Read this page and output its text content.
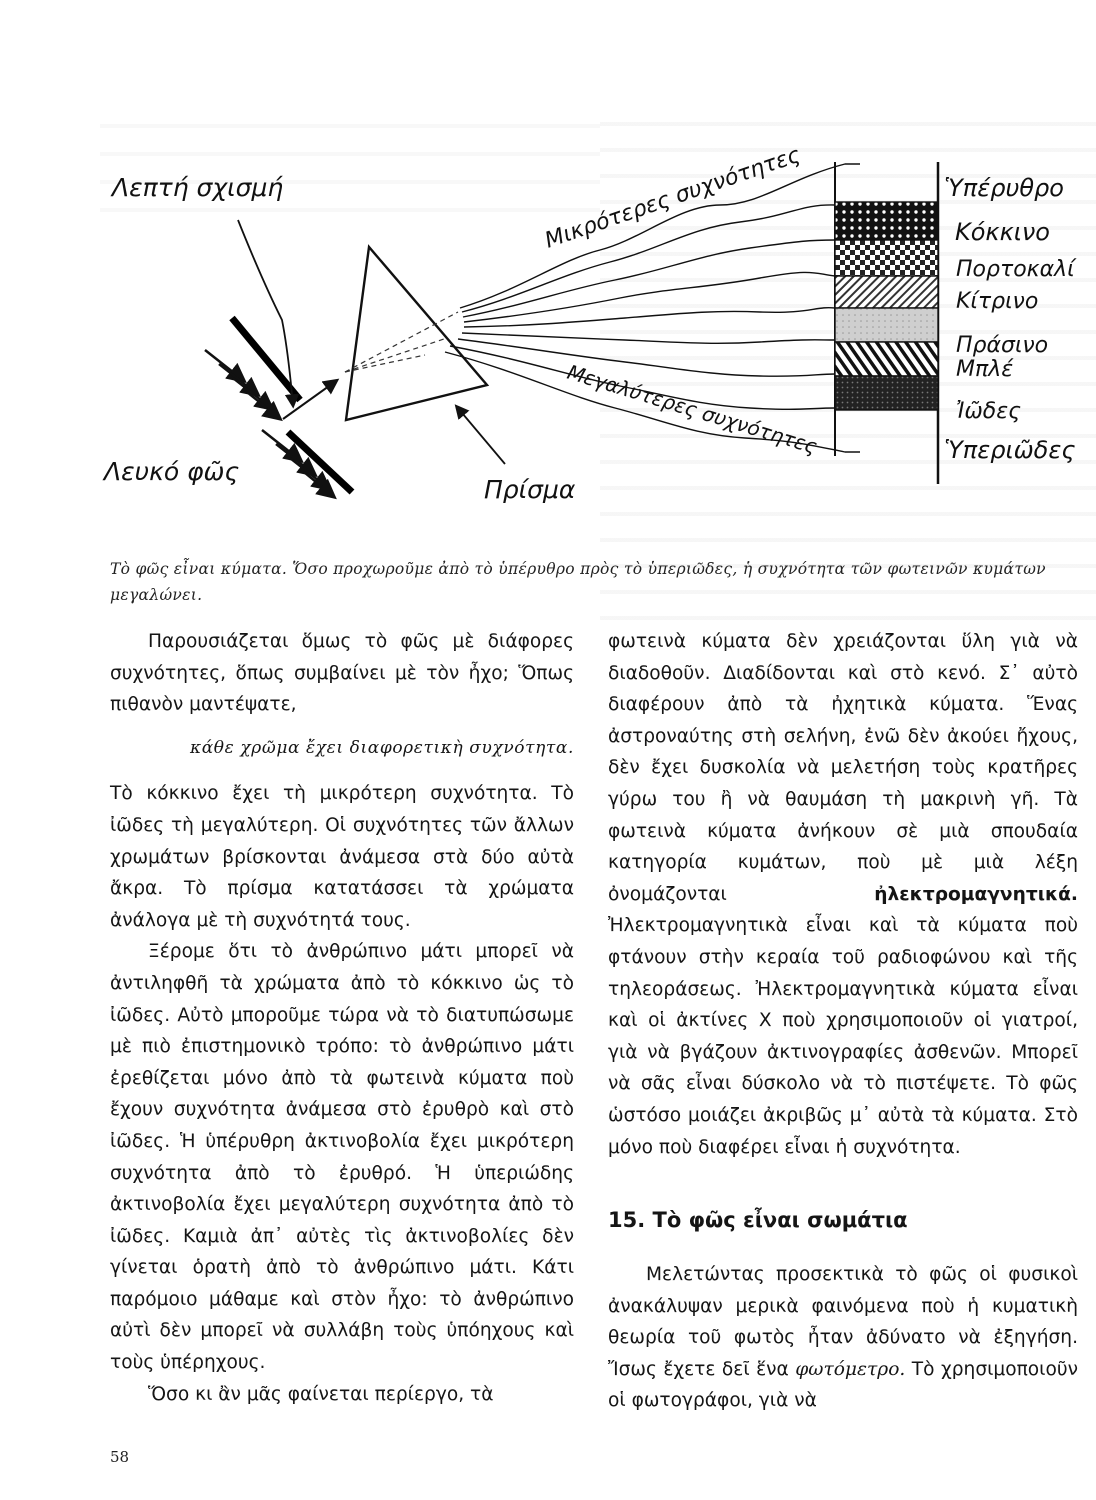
Μικρότερες συχνότητες
Μεγαλύτερες συχνότητες
Λεπτή σχισμή
Λευκό φῶς
Πρίσμα
Ὑπέρυθρο
Κόκκινο
Πορτοκαλί
Κίτρινο
Πράσινο
Μπλέ
Ἰῶδες
Ὑπεριῶδες
Τὸ φῶς εἶναι κύματα. Ὅσο προχωροῦμε ἀπὸ τὸ ὑπέρυθρο πρὸς τὸ ὑπεριῶδες, ἡ συχνότητα τῶν φωτεινῶν κυμάτων μεγαλώνει.

Παρουσιάζεται ὅμως τὸ φῶς μὲ διάφορες συχνότητες, ὅπως συμβαίνει μὲ τὸν ἦχο; Ὅπως πιθανὸν μαντέψατε,

κάθε χρῶμα ἔχει διαφορετικὴ συχνότητα.

Τὸ κόκκινο ἔχει τὴ μικρότερη συχνότητα. Τὸ ἰῶδες τὴ μεγαλύτερη. Οἱ συχνότητες τῶν ἄλλων χρωμάτων βρίσκονται ἀνάμεσα στὰ δύο αὐτὰ ἄκρα. Τὸ πρίσμα κατατάσσει τὰ χρώματα ἀνάλογα μὲ τὴ συχνότητά τους.

Ξέρομε ὅτι τὸ ἀνθρώπινο μάτι μπορεῖ νὰ ἀντιληφθῆ τὰ χρώματα ἀπὸ τὸ κόκκινο ὡς τὸ ἰῶδες. Αὐτὸ μποροῦμε τώρα νὰ τὸ διατυπώσωμε μὲ πιὸ ἐπιστημονικὸ τρόπο: τὸ ἀνθρώπινο μάτι ἐρεθίζεται μόνο ἀπὸ τὰ φωτεινὰ κύματα ποὺ ἔχουν συχνότητα ἀνάμεσα στὸ ἐρυθρὸ καὶ στὸ ἰῶδες. Ἡ ὑπέρυθρη ἀκτινοβολία ἔχει μικρότερη συχνότητα ἀπὸ τὸ ἐρυθρό. Ἡ ὑπεριώδης ἀκτινοβολία ἔχει μεγαλύτερη συχνότητα ἀπὸ τὸ ἰῶδες. Καμιὰ ἀπ᾽ αὐτὲς τὶς ἀκτινοβολίες δὲν γίνεται ὁρατὴ ἀπὸ τὸ ἀνθρώπινο μάτι. Κάτι παρόμοιο μάθαμε καὶ στὸν ἦχο: τὸ ἀνθρώπινο αὐτὶ δὲν μπορεῖ νὰ συλλάβη τοὺς ὑπόηχους καὶ τοὺς ὑπέρηχους.

Ὅσο κι ἂν μᾶς φαίνεται περίεργο, τὰ

φωτεινὰ κύματα δὲν χρειάζονται ὕλη γιὰ νὰ διαδοθοῦν. Διαδίδονται καὶ στὸ κενό. Σ᾽ αὐτὸ διαφέρουν ἀπὸ τὰ ἠχητικὰ κύματα. Ἕνας ἀστροναύτης στὴ σελήνη, ἐνῶ δὲν ἀκούει ἤχους, δὲν ἔχει δυσκολία νὰ μελετήση τοὺς κρατῆρες γύρω του ἢ νὰ θαυμάση τὴ μακρινὴ γῆ. Τὰ φωτεινὰ κύματα ἀνήκουν σὲ μιὰ σπουδαία κατηγορία κυμάτων, ποὺ μὲ μιὰ λέξη ὀνομάζονται	ἠλεκτρομαγνητικά. Ἠλεκτρομαγνητικὰ εἶναι καὶ τὰ κύματα ποὺ φτάνουν στὴν κεραία τοῦ ραδιοφώνου καὶ τῆς τηλεοράσεως. Ἠλεκτρομαγνητικὰ κύματα εἶναι καὶ οἱ ἀκτίνες Χ ποὺ χρησιμοποιοῦν οἱ γιατροί, γιὰ νὰ βγάζουν ἀκτινογραφίες ἀσθενῶν. Μπορεῖ νὰ σᾶς εἶναι δύσκολο νὰ τὸ πιστέψετε. Τὸ φῶς ὡστόσο μοιάζει ἀκριβῶς μ᾽ αὐτὰ τὰ κύματα. Στὸ μόνο ποὺ διαφέρει εἶναι ἡ συχνότητα.

15. Τὸ φῶς εἶναι σωμάτια

Μελετώντας προσεκτικὰ τὸ φῶς οἱ φυσικοὶ ἀνακάλυψαν μερικὰ φαινόμενα ποὺ ἡ κυματικὴ θεωρία τοῦ φωτὸς ἦταν ἀδύνατο νὰ ἐξηγήση. Ἴσως ἔχετε δεῖ ἕνα φωτόμετρο. Τὸ χρησιμοποιοῦν οἱ φωτογράφοι, γιὰ νὰ

58
